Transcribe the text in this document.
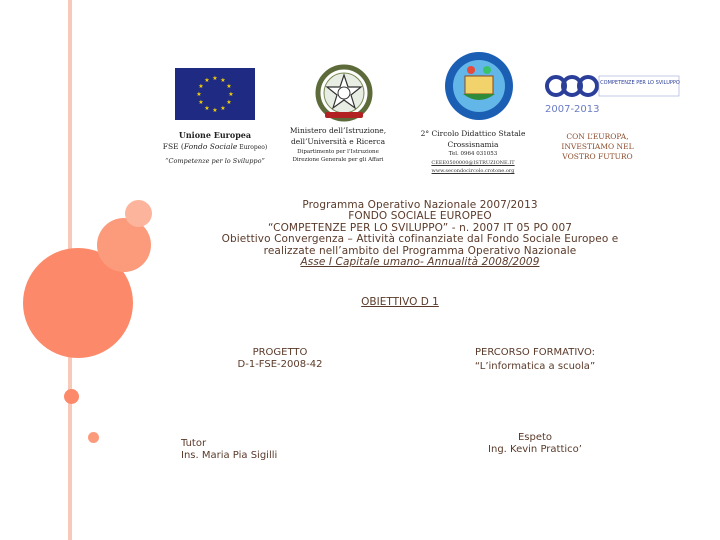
★ ★
★
★
★
★
★
★
★
★
★
★	COMPETENZE PER LO SVILUPPO
2007-2013
Unione Europea
FSE (Fondo Sociale Europeo)
“Competenze per lo Sviluppo”
Ministero dell’Istruzione,
dell’Università e Ricerca
Dipartimento per l’Istruzione
Direzione Generale per gli Affari
2° Circolo Didattico Statale
Crossisnamia
Tel. 0964 031053
CEEE0500000@ISTRUZIONE.IT
www.secondocircolo.crotone.org
CON L’EUROPA, INVESTIAMO NEL
VOSTRO FUTURO
Programma Operativo Nazionale 2007/2013
FONDO SOCIALE EUROPEO
“COMPETENZE PER LO SVILUPPO” - n. 2007 IT 05 PO 007
Obiettivo Convergenza – Attività cofinanziate dal Fondo Sociale Europeo e
realizzate nell’ambito del Programma Operativo Nazionale
Asse I Capitale umano- Annualità 2008/2009
OBIETTIVO D 1
PROGETTO
D-1-FSE-2008-42
PERCORSO FORMATIVO:
“L’informatica a scuola”
Tutor
Ins. Maria Pia Sigilli
Espeto
Ing. Kevin Prattico’
